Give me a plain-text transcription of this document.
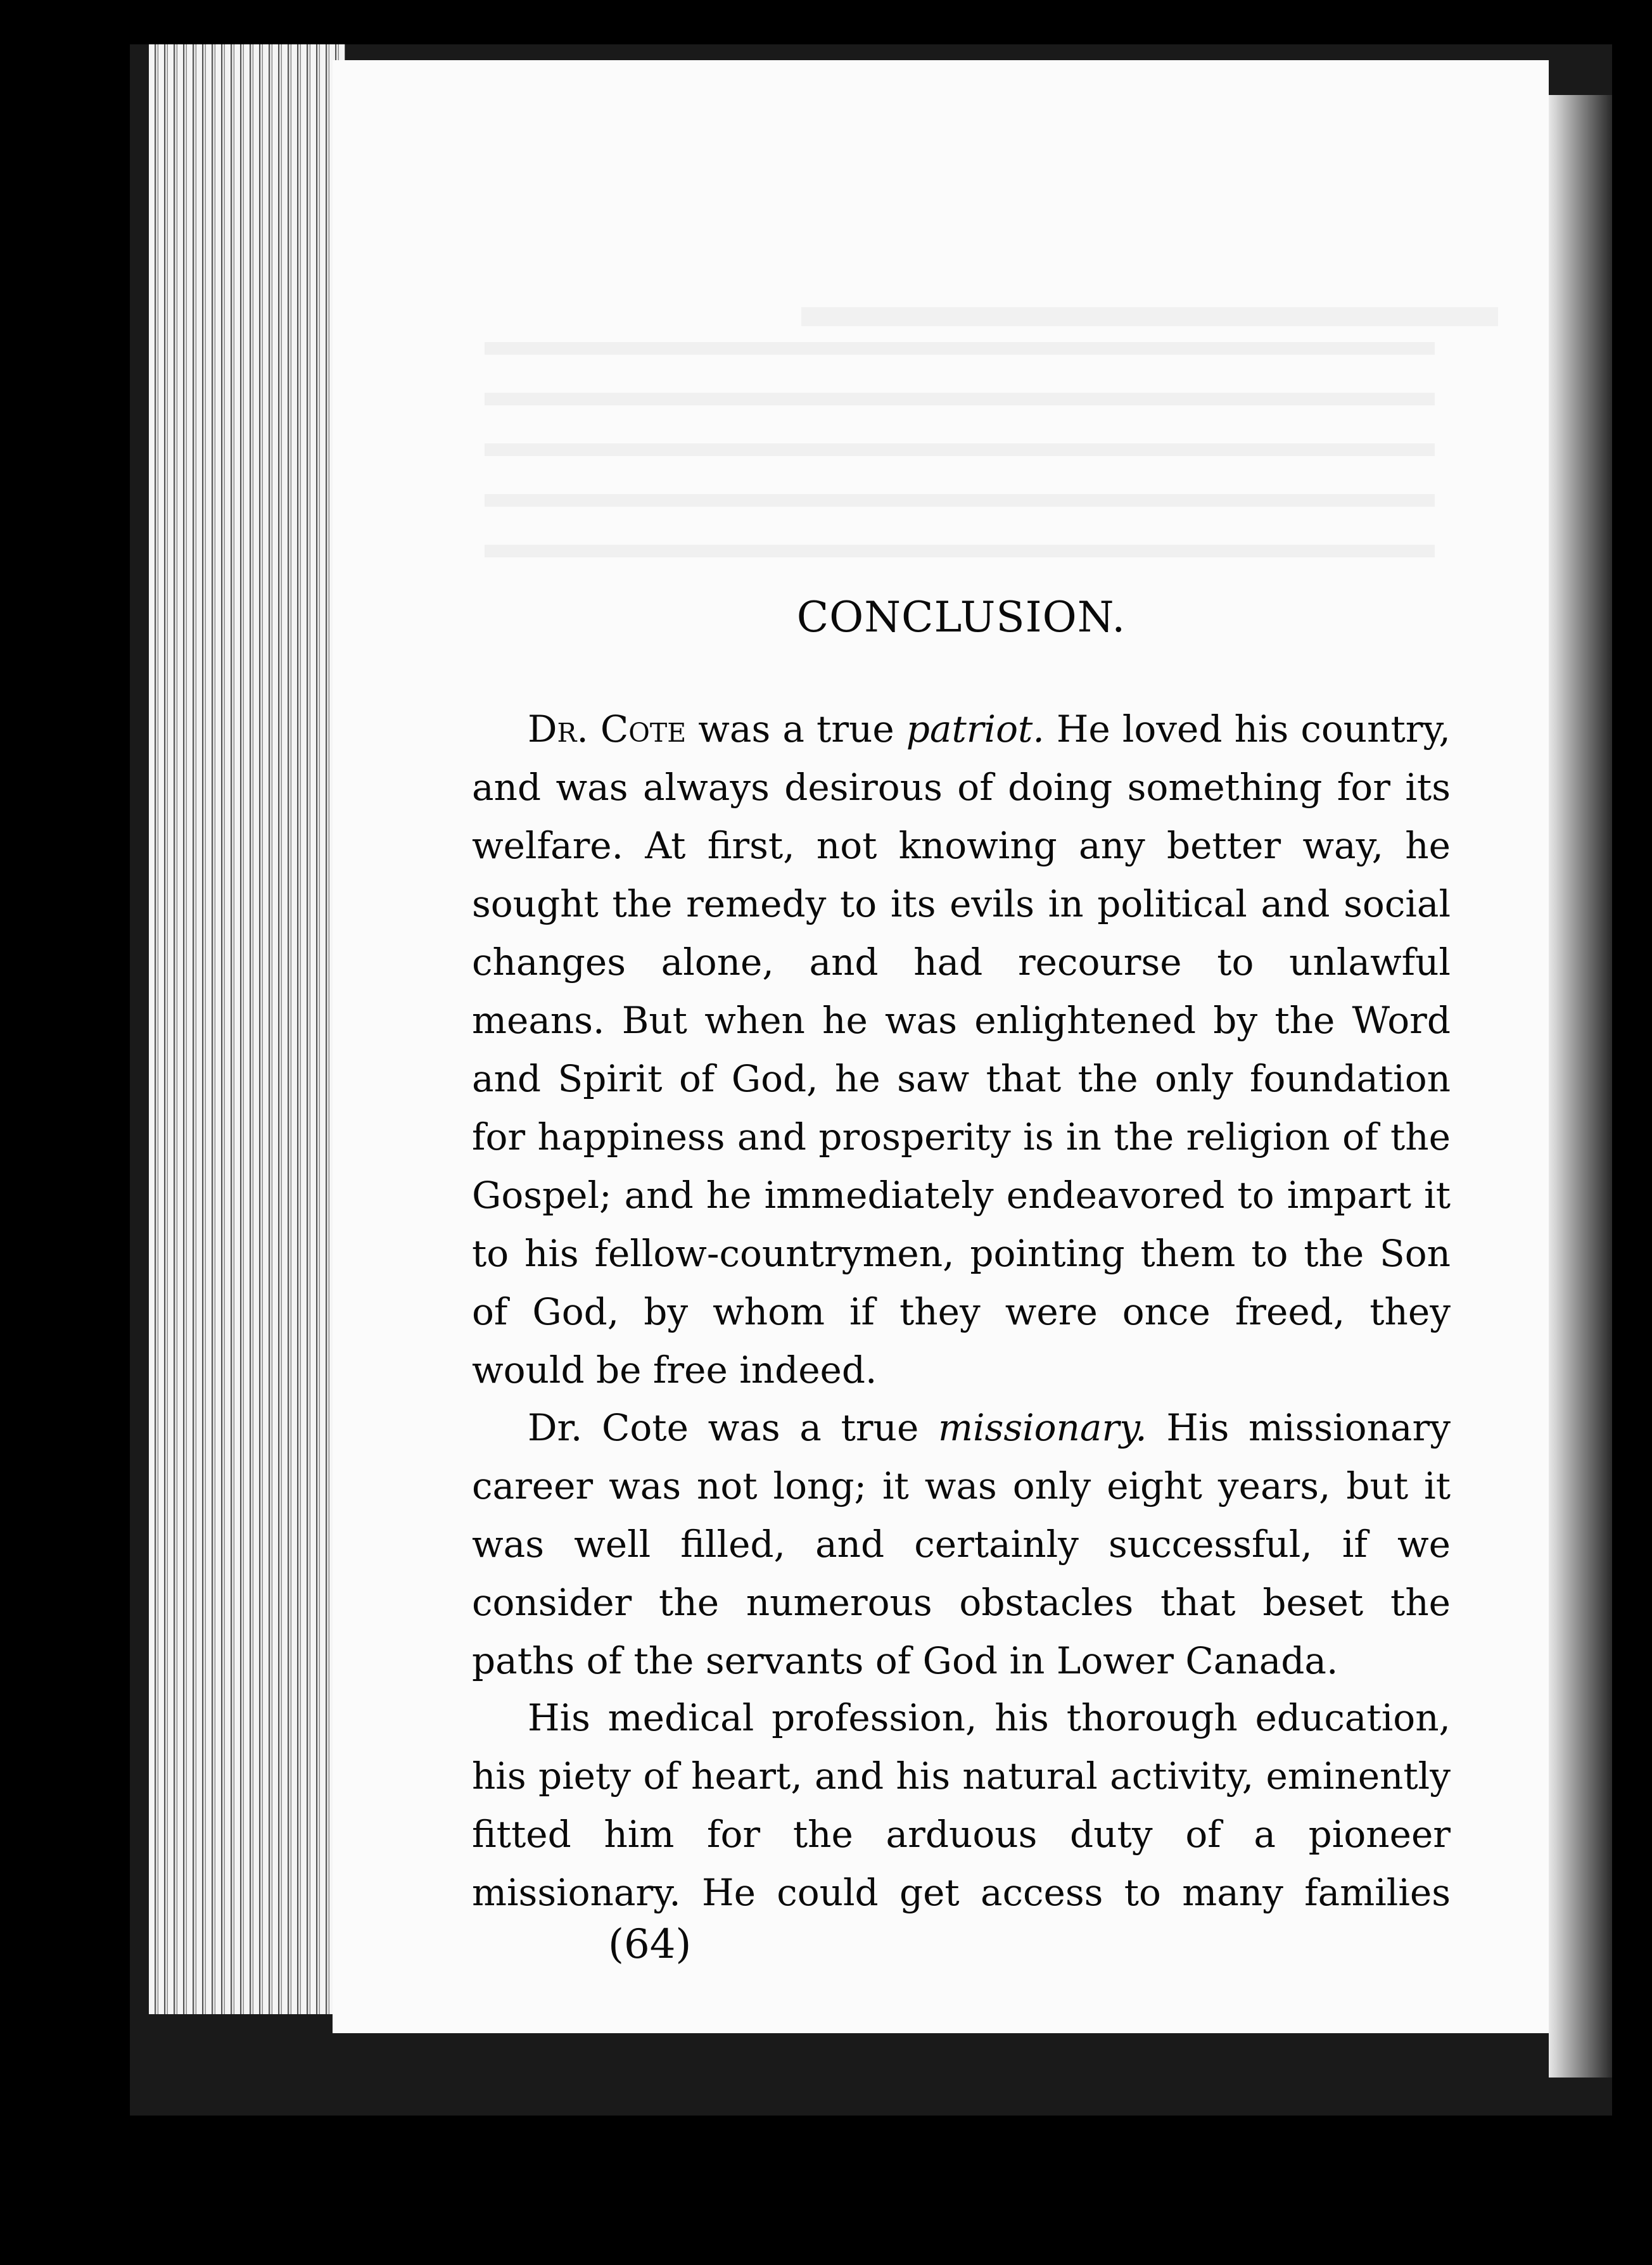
CONCLUSION.

Dr. Cote was a true patriot. He loved his country, and was always desirous of doing something for its welfare. At first, not knowing any better way, he sought the remedy to its evils in political and social changes alone, and had recourse to unlawful means. But when he was enlightened by the Word and Spirit of God, he saw that the only foundation for happiness and prosperity is in the religion of the Gospel; and he immediately endeavored to impart it to his fellow-countrymen, pointing them to the Son of God, by whom if they were once freed, they would be free indeed.

Dr. Cote was a true missionary. His missionary career was not long; it was only eight years, but it was well filled, and certainly successful, if we consider the numerous obstacles that beset the paths of the servants of God in Lower Canada.

His medical profession, his thorough education, his piety of heart, and his natural activity, eminently fitted him for the arduous duty of a pioneer missionary. He could get access to many families

(64)
